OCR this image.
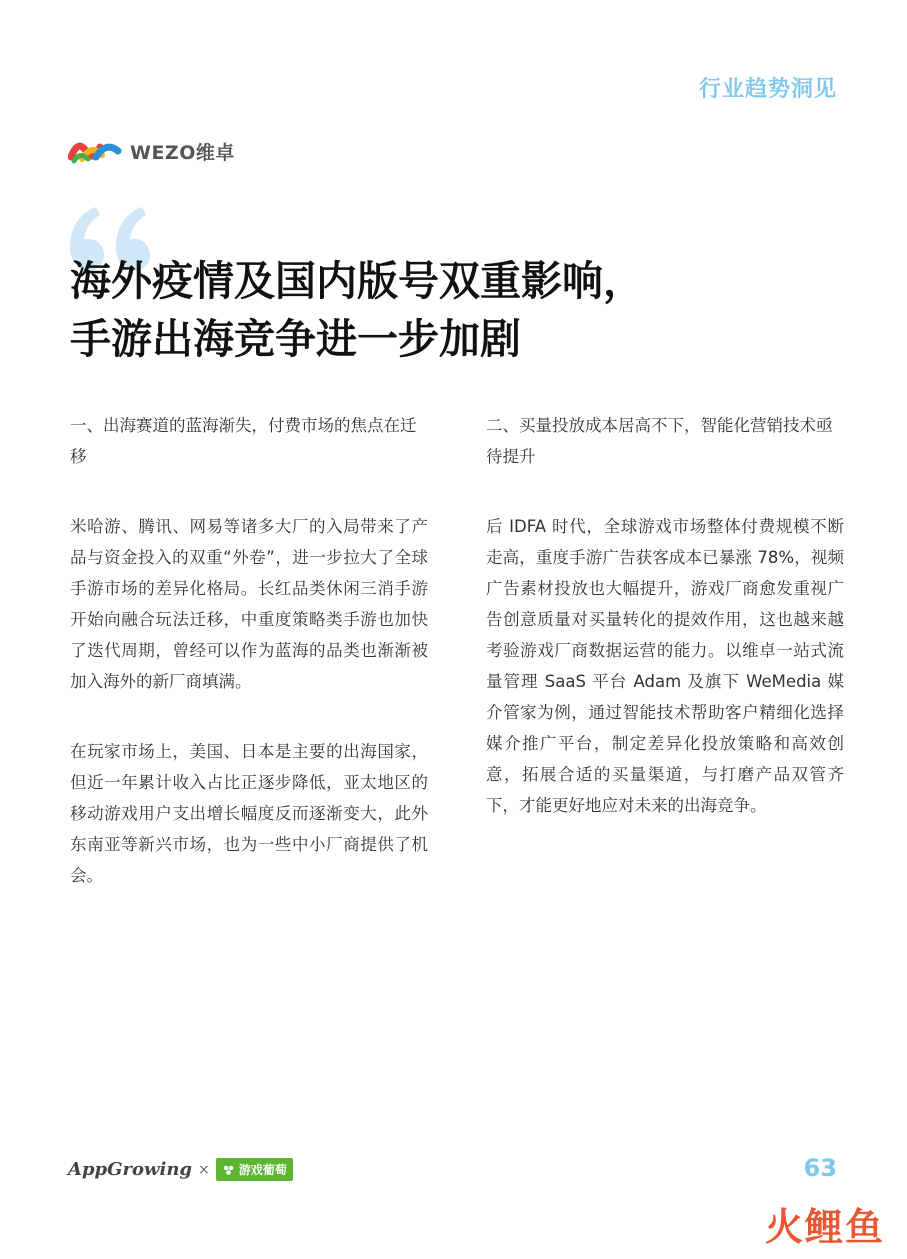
行业趋势洞见
WEZO维卓
海外疫情及国内版号双重影响，
手游出海竞争进一步加剧
一、出海赛道的蓝海渐失，付费市场的焦点在迁移

米哈游、腾讯、网易等诸多大厂的入局带来了产品与资金投入的双重“外卷”，进一步拉大了全球手游市场的差异化格局。长红品类休闲三消手游开始向融合玩法迁移，中重度策略类手游也加快了迭代周期，曾经可以作为蓝海的品类也渐渐被加入海外的新厂商填满。

在玩家市场上，美国、日本是主要的出海国家，但近一年累计收入占比正逐步降低，亚太地区的移动游戏用户支出增长幅度反而逐渐变大，此外东南亚等新兴市场，也为一些中小厂商提供了机会。

二、买量投放成本居高不下，智能化营销技术亟待提升

后 IDFA 时代，全球游戏市场整体付费规模不断走高，重度手游广告获客成本已暴涨 78%，视频广告素材投放也大幅提升，游戏厂商愈发重视广告创意质量对买量转化的提效作用，这也越来越考验游戏厂商数据运营的能力。以维卓一站式流量管理 SaaS 平台 Adam 及旗下 WeMedia 媒介管家为例，通过智能技术帮助客户精细化选择媒介推广平台，制定差异化投放策略和高效创意，拓展合适的买量渠道，与打磨产品双管齐下，才能更好地应对未来的出海竞争。

AppGrowing × 游戏葡萄	63
火鲤鱼
